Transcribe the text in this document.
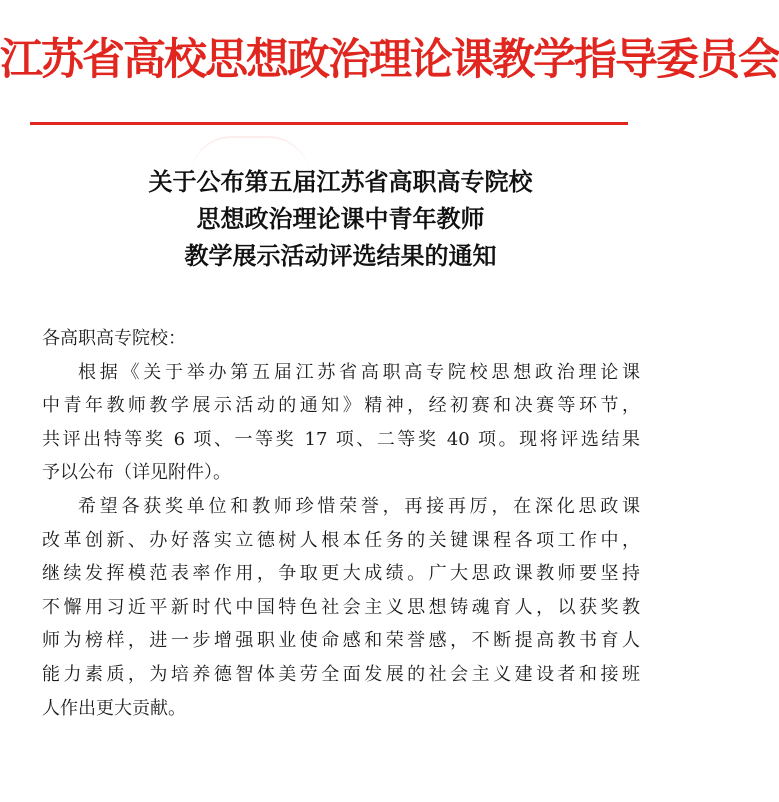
江苏省高校思想政治理论课教学指导委员会
关于公布第五届江苏省高职高专院校
思想政治理论课中青年教师
教学展示活动评选结果的通知

各高职高专院校：

根据《关于举办第五届江苏省高职高专院校思想政治理论课
中青年教师教学展示活动的通知》精神，经初赛和决赛等环节，
共评出特等奖 6 项、一等奖 17 项、二等奖 40 项。现将评选结果
予以公布（详见附件）。

希望各获奖单位和教师珍惜荣誉，再接再厉，在深化思政课
改革创新、办好落实立德树人根本任务的关键课程各项工作中，
继续发挥模范表率作用，争取更大成绩。广大思政课教师要坚持
不懈用习近平新时代中国特色社会主义思想铸魂育人，以获奖教
师为榜样，进一步增强职业使命感和荣誉感，不断提高教书育人
能力素质，为培养德智体美劳全面发展的社会主义建设者和接班
人作出更大贡献。
